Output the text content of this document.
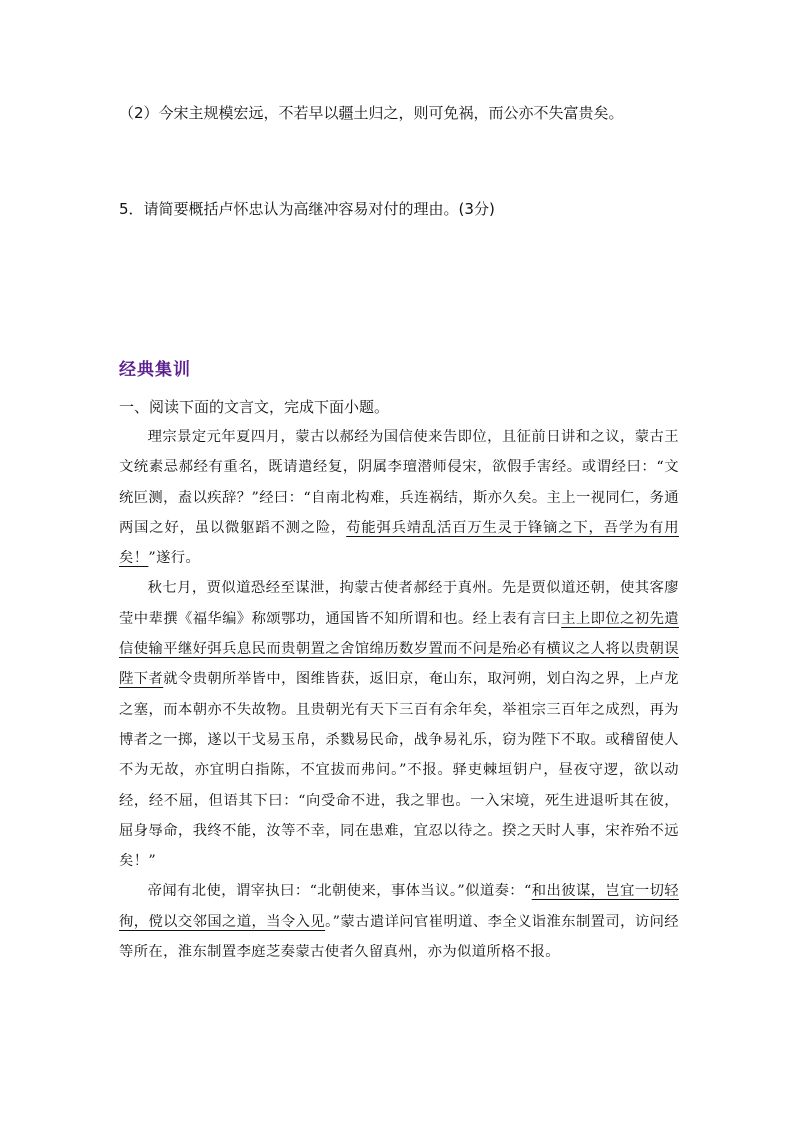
（2）今宋主规模宏远，不若早以疆土归之，则可免祸，而公亦不失富贵矣。
5．请简要概括卢怀忠认为高继冲容易对付的理由。(3分)
经典集训
一、阅读下面的文言文，完成下面小题。

理宗景定元年夏四月，蒙古以郝经为国信使来告即位，且征前日讲和之议，蒙古王文统素忌郝经有重名，既请遣经复，阴属李璮潜师侵宋，欲假手害经。或谓经曰：“文统叵测，盍以疾辞？”经曰：“自南北构难，兵连祸结，斯亦久矣。主上一视同仁，务通两国之好，虽以微躯蹈不测之险，苟能弭兵靖乱活百万生灵于锋镝之下，吾学为有用矣！”遂行。

秋七月，贾似道恐经至谋泄，拘蒙古使者郝经于真州。先是贾似道还朝，使其客廖莹中辈撰《福华编》称颂鄂功，通国皆不知所谓和也。经上表有言曰主上即位之初先遣信使输平继好弭兵息民而贵朝置之舍馆绵历数岁置而不问是殆必有横议之人将以贵朝误陛下者就令贵朝所举皆中，图维皆获，返旧京，奄山东，取河朔，划白沟之界，上卢龙之塞，而本朝亦不失故物。且贵朝光有天下三百有余年矣，举祖宗三百年之成烈，再为博者之一掷，遂以干戈易玉帛，杀戮易民命，战争易礼乐，窃为陛下不取。或稽留使人不为无故，亦宜明白指陈，不宜拔而弗问。”不报。驿吏棘垣钥户，昼夜守逻，欲以动经，经不屈，但语其下曰：“向受命不进，我之罪也。一入宋境，死生进退听其在彼，屈身辱命，我终不能，汝等不幸，同在患难，宜忍以待之。揆之天时人事，宋祚殆不远矣！”

帝闻有北使，谓宰执曰：“北朝使来，事体当议。”似道奏：“和出彼谋，岂宜一切轻徇，傥以交邻国之道，当令入见。”蒙古遣详问官崔明道、李全义诣淮东制置司，访问经等所在，淮东制置李庭芝奏蒙古使者久留真州，亦为似道所格不报。
